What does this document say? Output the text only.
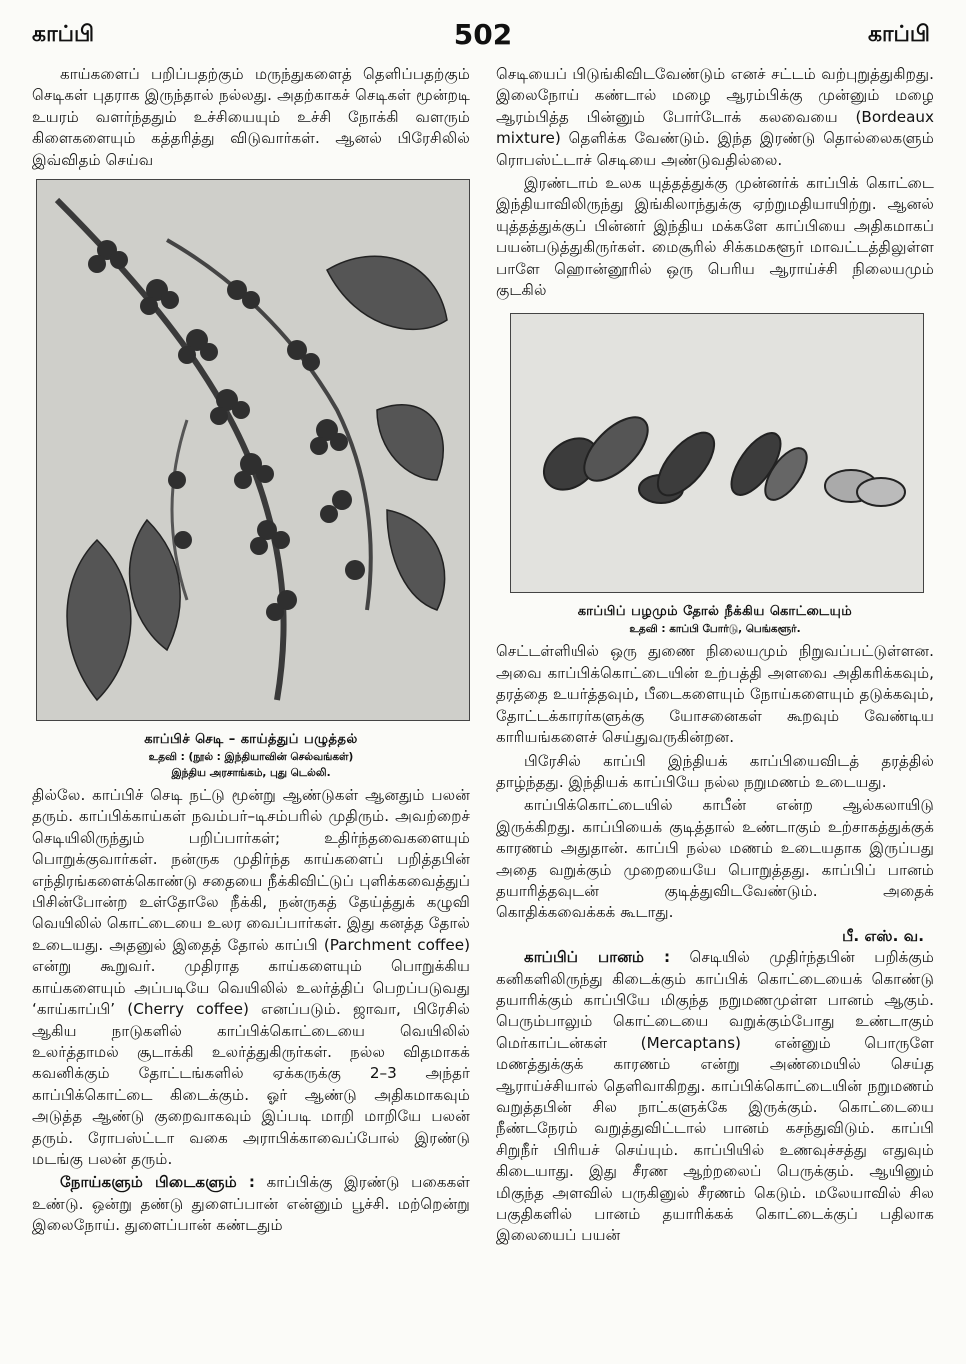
காப்பி	502	காப்பி

காய்களைப் பறிப்பதற்கும் மருந்துகளைத் தெளிப்பதற்கும் செடிகள் புதராக இருந்தால் நல்லது. அதற்காகச் செடிகள் மூன்றடி உயரம் வளர்ந்ததும் உச்சியையும் உச்சி நோக்கி வளரும் கிளைகளையும் கத்தரித்து விடுவார்கள். ஆனல் பிரேசிலில் இவ்விதம் செய்வ

காப்பிச் செடி – காய்த்துப் பழுத்தல்
உதவி : (நூல் : இந்தியாவின் செல்வங்கள்)
இந்திய அரசாங்கம், புது டெல்லி.

தில்லே. காப்பிச் செடி நட்டு மூன்று ஆண்டுகள் ஆனதும் பலன் தரும். காப்பிக்காய்கள் நவம்பர்–டிசம்பரில் முதிரும். அவற்றைச் செடியிலிருந்தும் பறிப்பார்கள்; உதிர்ந்தவைகளையும் பொறுக்குவார்கள். நன்ருக முதிர்ந்த காய்களைப் பறித்தபின் எந்திரங்களைக்கொண்டு சதையை நீக்கிவிட்டுப் புளிக்கவைத்துப் பிசின்போன்ற உள்தோலே நீக்கி, நன்ருகத் தேய்த்துக் கழுவி வெயிலில் கொட்டையை உலர வைப்பார்கள். இது கனத்த தோல் உடையது. அதனுல் இதைத் தோல் காப்பி (Parchment coffee) என்று கூறுவர். முதிராத காய்களையும் பொறுக்கிய காய்களையும் அப்படியே வெயிலில் உலர்த்திப் பெறப்படுவது ‘காய்காப்பி’ (Cherry coffee) எனப்படும். ஜாவா, பிரேசில் ஆகிய நாடுகளில் காப்பிக்கொட்டையை வெயிலில் உலர்த்தாமல் சூடாக்கி உலர்த்துகிருர்கள். நல்ல விதமாகக் கவனிக்கும் தோட்டங்களில் ஏக்கருக்கு 2–3 அந்தர் காப்பிக்கொட்டை கிடைக்கும். ஓர் ஆண்டு அதிகமாகவும் அடுத்த ஆண்டு குறைவாகவும் இப்படி மாறி மாறியே பலன் தரும். ரோபஸ்ட்டா வகை அராபிக்காவைப்போல் இரண்டு மடங்கு பலன் தரும்.

நோய்களும் பிடைகளும் : காப்பிக்கு இரண்டு பகைகள் உண்டு. ஒன்று தண்டு துளைப்பான் என்னும் பூச்சி. மற்றென்று இலைநோய். துளைப்பான் கண்டதும்

செடியைப் பிடுங்கிவிடவேண்டும் எனச் சட்டம் வற்புறுத்துகிறது. இலைநோய் கண்டால் மழை ஆரம்பிக்கு முன்னும் மழை ஆரம்பித்த பின்னும் போர்டோக் கலவையை (Bordeaux mixture) தெளிக்க வேண்டும். இந்த இரண்டு தொல்லைகளும் ரொபஸ்ட்டாச் செடியை அண்டுவதில்லை.

இரண்டாம் உலக யுத்தத்துக்கு முன்னர்க் காப்பிக் கொட்டை இந்தியாவிலிருந்து இங்கிலாந்துக்கு ஏற்றுமதியாயிற்று. ஆனல் யுத்தத்துக்குப் பின்னர் இந்திய மக்களே காப்பியை அதிகமாகப் பயன்படுத்துகிருர்கள். மைசூரில் சிக்கமகளூர் மாவட்டத்திலுள்ள பாளே ஹொன்னூரில் ஒரு பெரிய ஆராய்ச்சி நிலையமும் குடகில்

காப்பிப் பழமும் தோல் நீக்கிய கொட்டையும்
உதவி : காப்பி போர்டு, பெங்களூர்.

செட்டள்ளியில் ஒரு துணை நிலையமும் நிறுவப்பட்டுள்ளன. அவை காப்பிக்கொட்டையின் உற்பத்தி அளவை அதிகரிக்கவும், தரத்தை உயர்த்தவும், பீடைகளையும் நோய்களையும் தடுக்கவும், தோட்டக்காரர்களுக்கு யோசனைகள் கூறவும் வேண்டிய காரியங்களைச் செய்துவருகின்றன.

பிரேசில் காப்பி இந்தியக் காப்பியைவிடத் தரத்தில் தாழ்ந்தது. இந்தியக் காப்பியே நல்ல நறுமணம் உடையது.

காப்பிக்கொட்டையில் காபீன் என்ற ஆல்கலாயிடு இருக்கிறது. காப்பியைக் குடித்தால் உண்டாகும் உற்சாகத்துக்குக் காரணம் அதுதான். காப்பி நல்ல மணம் உடையதாக இருப்பது அதை வறுக்கும் முறையையே பொறுத்தது. காப்பிப் பானம் தயாரித்தவுடன் குடித்துவிடவேண்டும். அதைக் கொதிக்கவைக்கக் கூடாது.

பீ. எஸ். வ.

காப்பிப் பானம் : செடியில் முதிர்ந்தபின் பறிக்கும் கனிகளிலிருந்து கிடைக்கும் காப்பிக் கொட்டையைக் கொண்டு தயாரிக்கும் காப்பியே மிகுந்த நறுமணமுள்ள பானம் ஆகும். பெரும்பாலும் கொட்டையை வறுக்கும்போது உண்டாகும் மெர்காப்டன்கள் (Mercaptans) என்னும் பொருளே மணத்துக்குக் காரணம் என்று அண்மையில் செய்த ஆராய்ச்சியால் தெளிவாகிறது. காப்பிக்கொட்டையின் நறுமணம் வறுத்தபின் சில நாட்களுக்கே இருக்கும். கொட்டையை நீண்டநேரம் வறுத்துவிட்டால் பானம் கசந்துவிடும். காப்பி சிறுநீர் பிரியச் செய்யும். காப்பியில் உணவுச்சத்து எதுவும் கிடையாது. இது சீரண ஆற்றலைப் பெருக்கும். ஆயினும் மிகுந்த அளவில் பருகினுல் சீரணம் கெடும். மலேயாவில் சில பகுதிகளில் பானம் தயாரிக்கக் கொட்டைக்குப் பதிலாக இலையைப் பயன்
